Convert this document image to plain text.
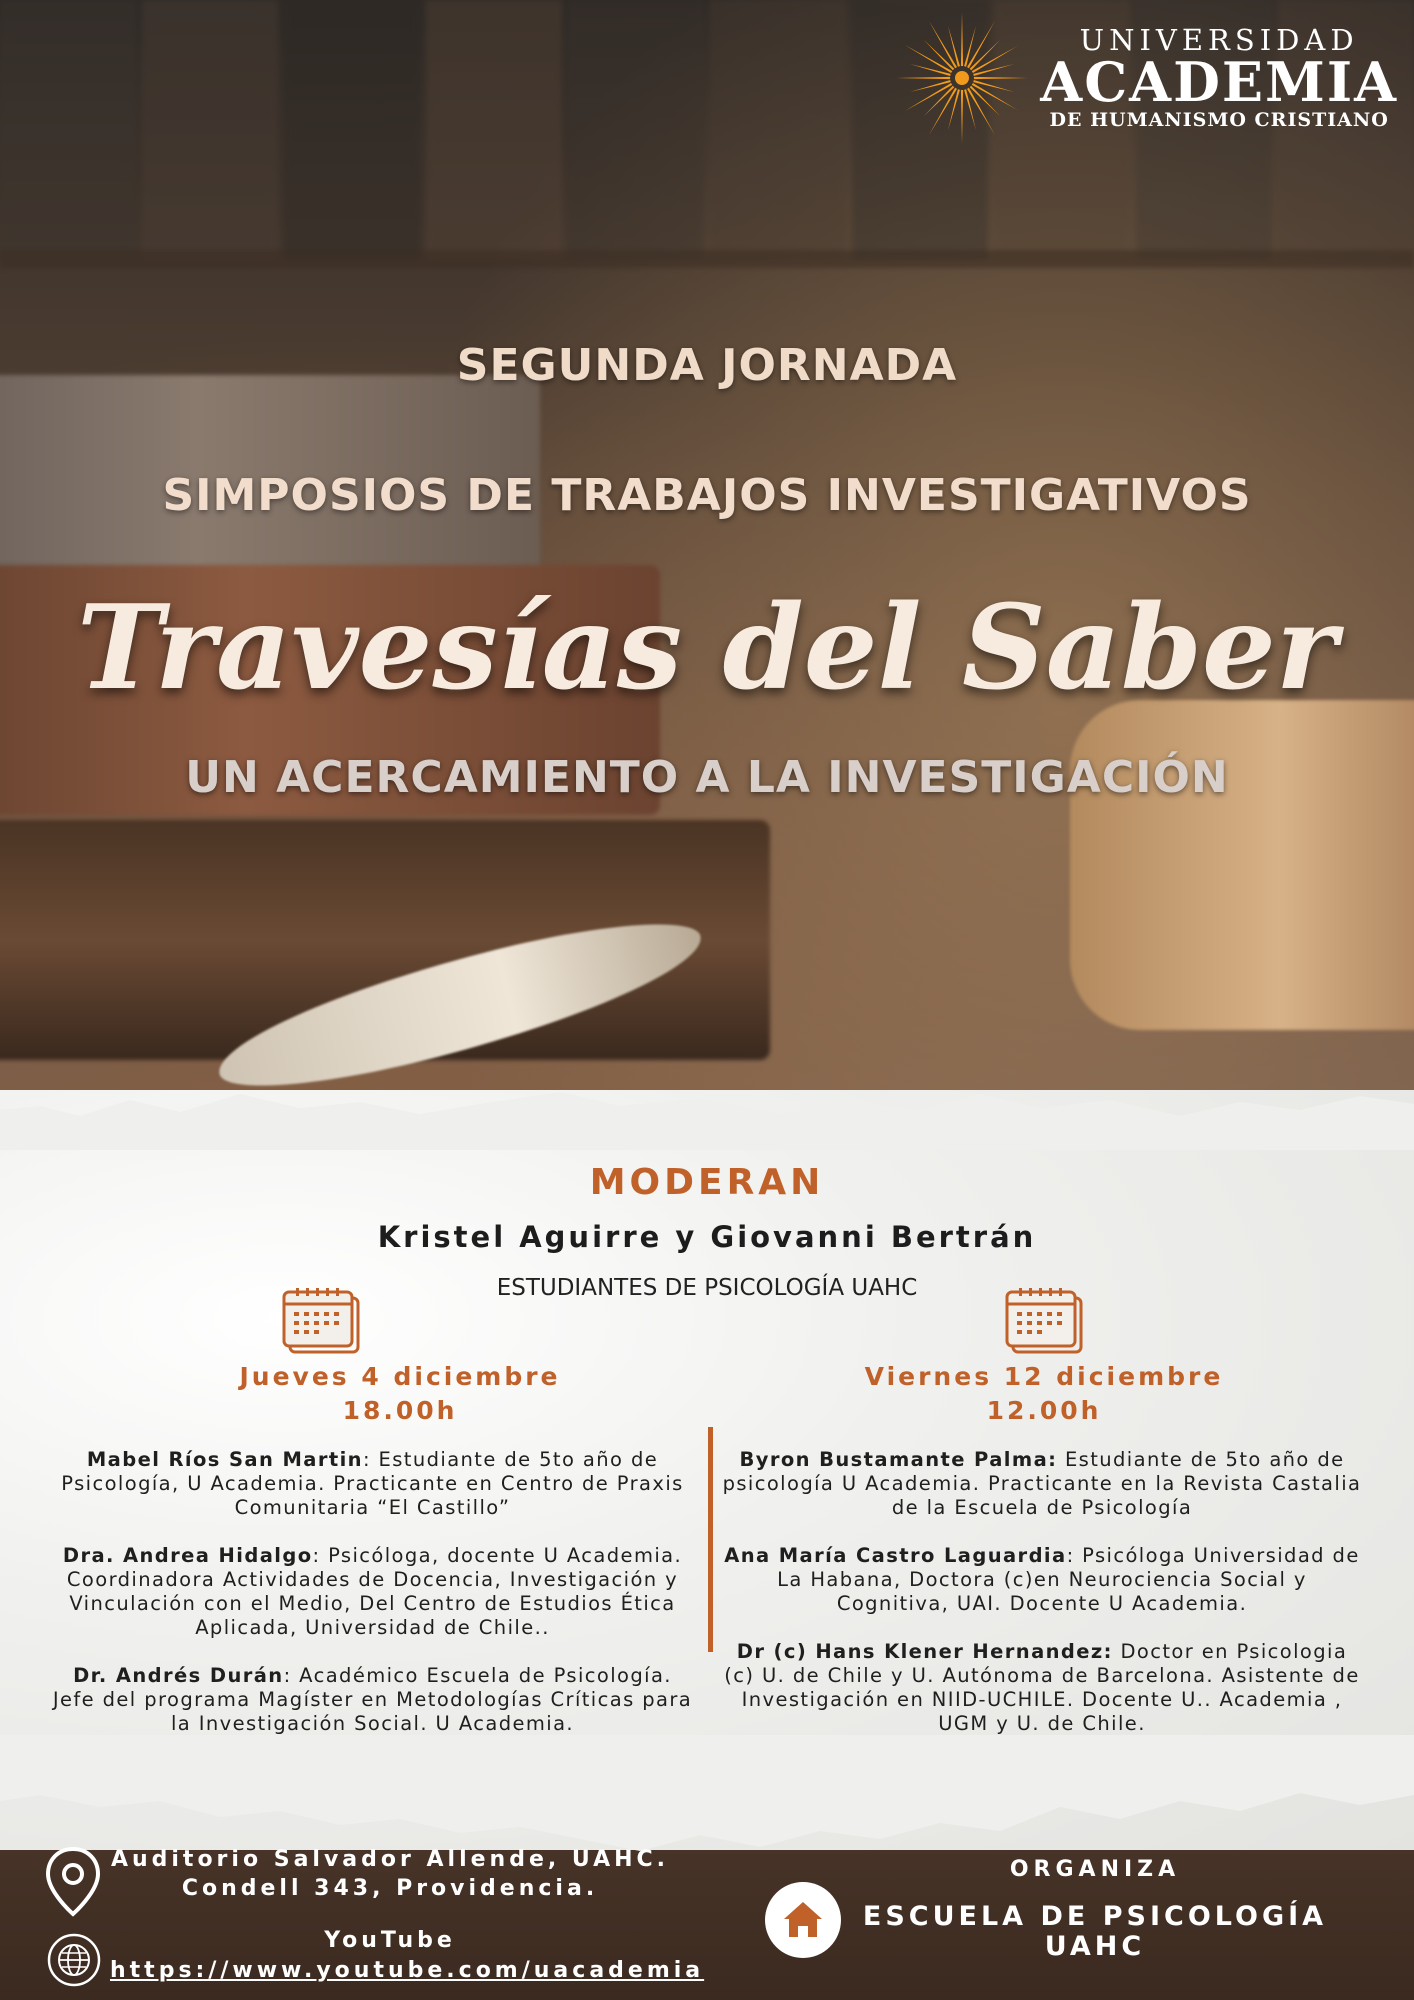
UNIVERSIDAD
ACADEMIA
DE HUMANISMO CRISTIANO
SEGUNDA JORNADA
SIMPOSIOS DE TRABAJOS INVESTIGATIVOS
Travesías del Saber
UN ACERCAMIENTO A LA INVESTIGACIÓN
MODERAN
Kristel Aguirre y Giovanni Bertrán
ESTUDIANTES DE PSICOLOGÍA UAHC
Jueves 4 diciembre
18.00h
Viernes 12 diciembre
12.00h

Mabel Ríos San Martin: Estudiante de 5to año de Psicología, U Academia. Practicante en Centro de Praxis Comunitaria “El Castillo”

Dra. Andrea Hidalgo: Psicóloga, docente U Academia. Coordinadora Actividades de Docencia, Investigación y Vinculación con el Medio, Del Centro de Estudios Ética Aplicada, Universidad de Chile..

Dr. Andrés Durán: Académico Escuela de Psicología. Jefe del programa Magíster en Metodologías Críticas para la Investigación Social. U Academia.

Byron Bustamante Palma: Estudiante de 5to año de psicología U Academia. Practicante en la Revista Castalia de la Escuela de Psicología

Ana María Castro Laguardia: Psicóloga Universidad de La Habana, Doctora (c)en Neurociencia Social y Cognitiva, UAI. Docente U Academia.

Dr (c) Hans Klener Hernandez: Doctor en Psicologia (c) U. de Chile y U. Autónoma de Barcelona. Asistente de Investigación en NIID-UCHILE. Docente U.. Academia , UGM y U. de Chile.

Auditorio Salvador Allende, UAHC.
Condell 343, Providencia.
YouTube
https://www.youtube.com/uacademia
ORGANIZA
ESCUELA DE PSICOLOGÍA
UAHC
